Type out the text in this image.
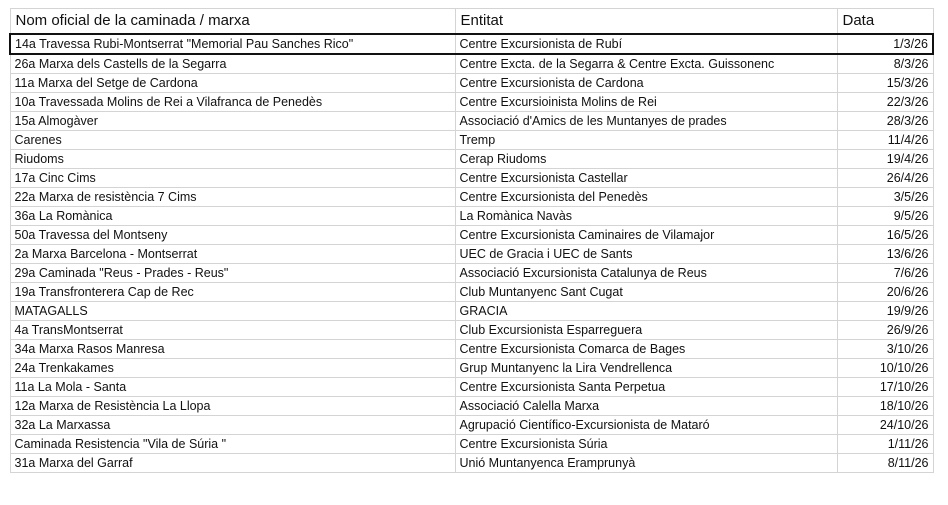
Nom oficial de la caminada / marxa	Entitat	Data
14a Travessa Rubi-Montserrat "Memorial Pau Sanches Rico"	Centre Excursionista de Rubí	1/3/26
26a Marxa dels Castells de la Segarra	Centre Excta. de la Segarra & Centre Excta. Guissonenc	8/3/26
11a Marxa del Setge de Cardona	Centre Excursionista de Cardona	15/3/26
10a Travessada Molins de Rei a Vilafranca de Penedès	Centre Excursioinista Molins de Rei	22/3/26
15a Almogàver	Associació d'Amics de les Muntanyes de prades	28/3/26
Carenes	Tremp	11/4/26
Riudoms	Cerap Riudoms	19/4/26
17a Cinc Cims	Centre Excursionista Castellar	26/4/26
22a Marxa de resistència 7 Cims	Centre Excursionista del Penedès	3/5/26
36a La Romànica	La Romànica Navàs	9/5/26
50a Travessa del Montseny	Centre Excursionista Caminaires de Vilamajor	16/5/26
2a Marxa Barcelona - Montserrat	UEC de Gracia i UEC de Sants	13/6/26
29a Caminada "Reus - Prades - Reus"	Associació Excursionista Catalunya de Reus	7/6/26
19a Transfronterera Cap de Rec	Club Muntanyenc Sant Cugat	20/6/26
MATAGALLS	GRACIA	19/9/26
4a TransMontserrat	Club Excursionista Esparreguera	26/9/26
34a Marxa Rasos Manresa	Centre Excursionista Comarca de Bages	3/10/26
24a Trenkakames	Grup Muntanyenc la Lira Vendrellenca	10/10/26
11a La Mola - Santa	Centre Excursionista Santa Perpetua	17/10/26
12a Marxa de Resistència La Llopa	Associació Calella Marxa	18/10/26
32a La Marxassa	Agrupació Científico-Excursionista de Mataró	24/10/26
Caminada Resistencia "Vila de Súria "	Centre Excursionista Súria	1/11/26
31a Marxa del Garraf	Unió Muntanyenca Eramprunyà	8/11/26
